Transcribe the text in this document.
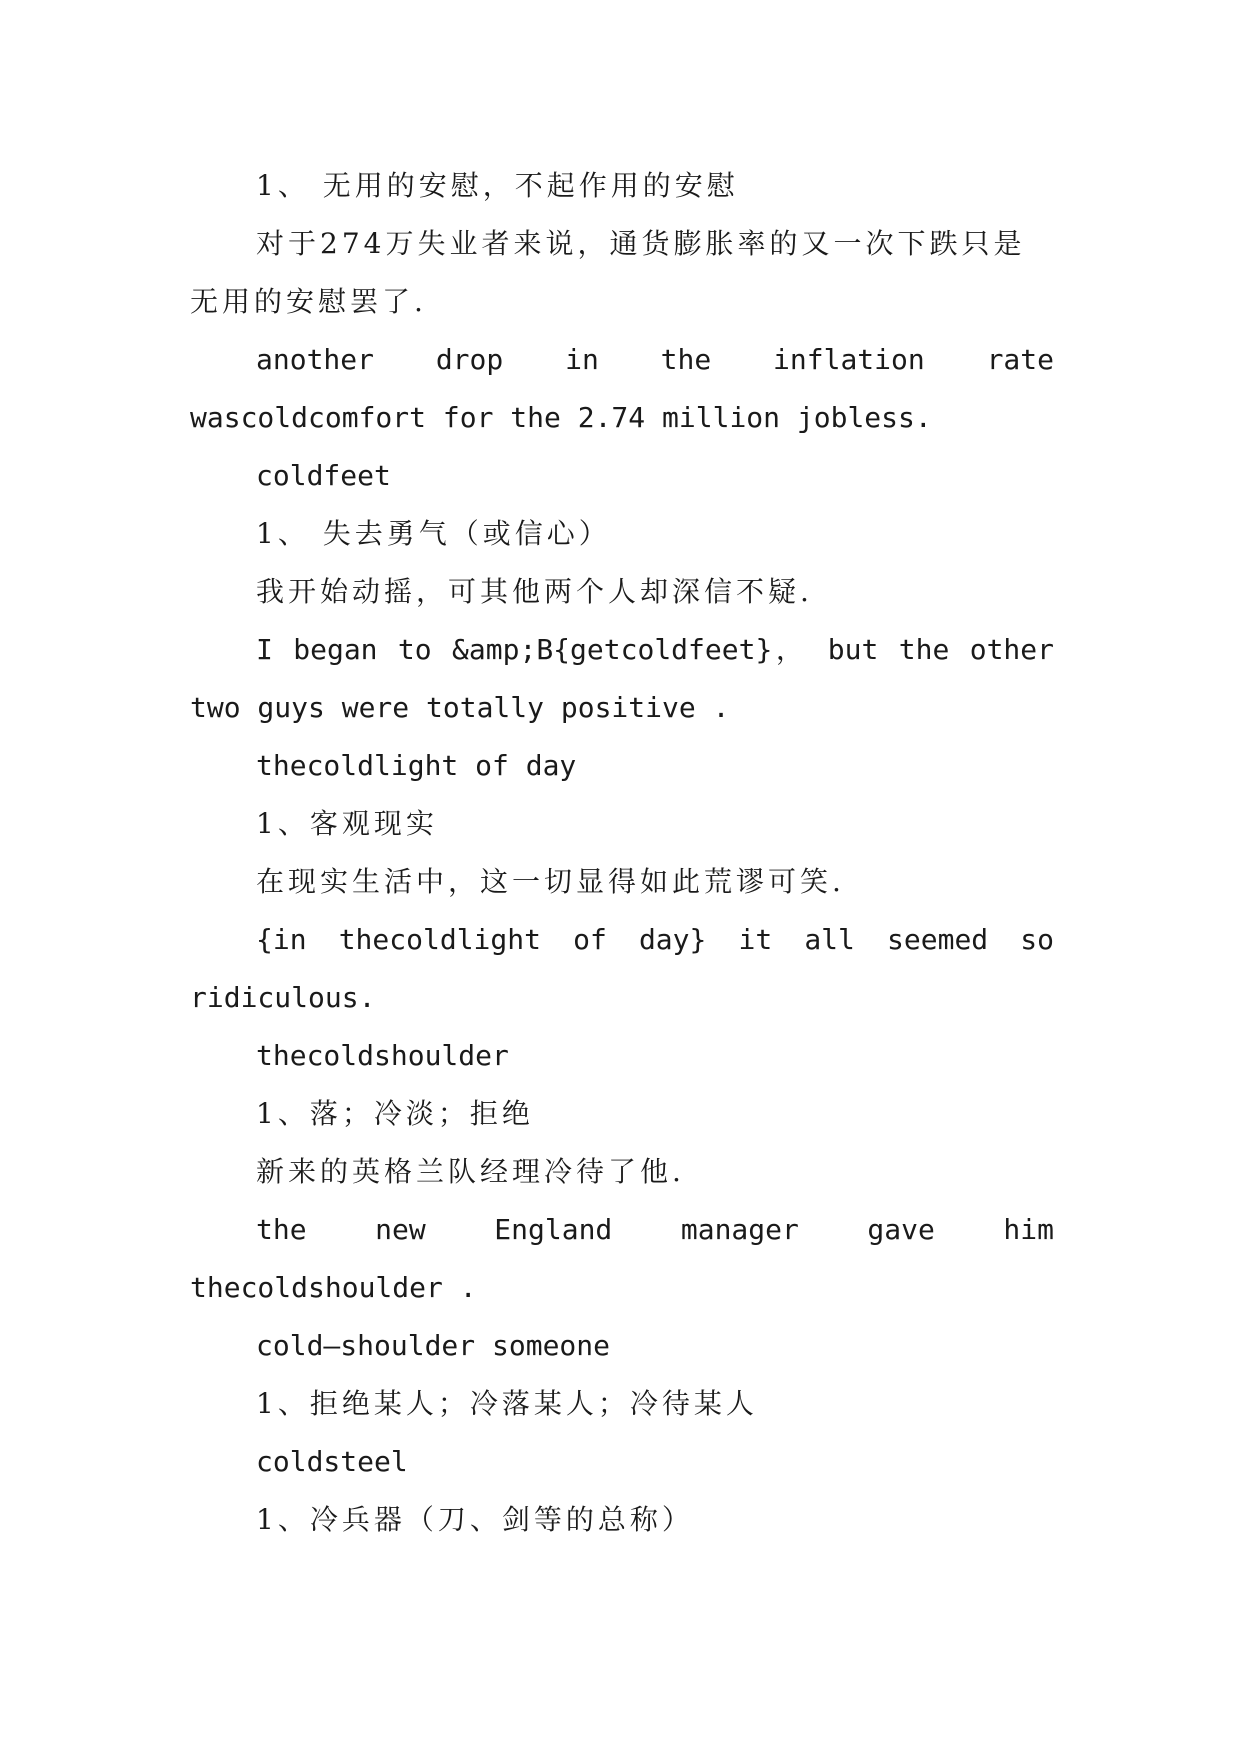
1、 无用的安慰，不起作用的安慰

对于274万失业者来说，通货膨胀率的又一次下跌只是无用的安慰罢了.

another drop in the inflation rate wascoldcomfort for the 2.74 million jobless.

coldfeet

1、 失去勇气（或信心）

我开始动摇，可其他两个人却深信不疑.

I began to &amp;B{getcoldfeet}， but the other two guys were totally positive .

thecoldlight of day

1、客观现实

在现实生活中，这一切显得如此荒谬可笑.

{in thecoldlight of day} it all seemed so ridiculous.

thecoldshoulder

1、落；冷淡；拒绝

新来的英格兰队经理冷待了他.

the new England manager gave him thecoldshoulder .

cold—shoulder someone

1、拒绝某人；冷落某人；冷待某人

coldsteel

1、冷兵器（刀、剑等的总称）
